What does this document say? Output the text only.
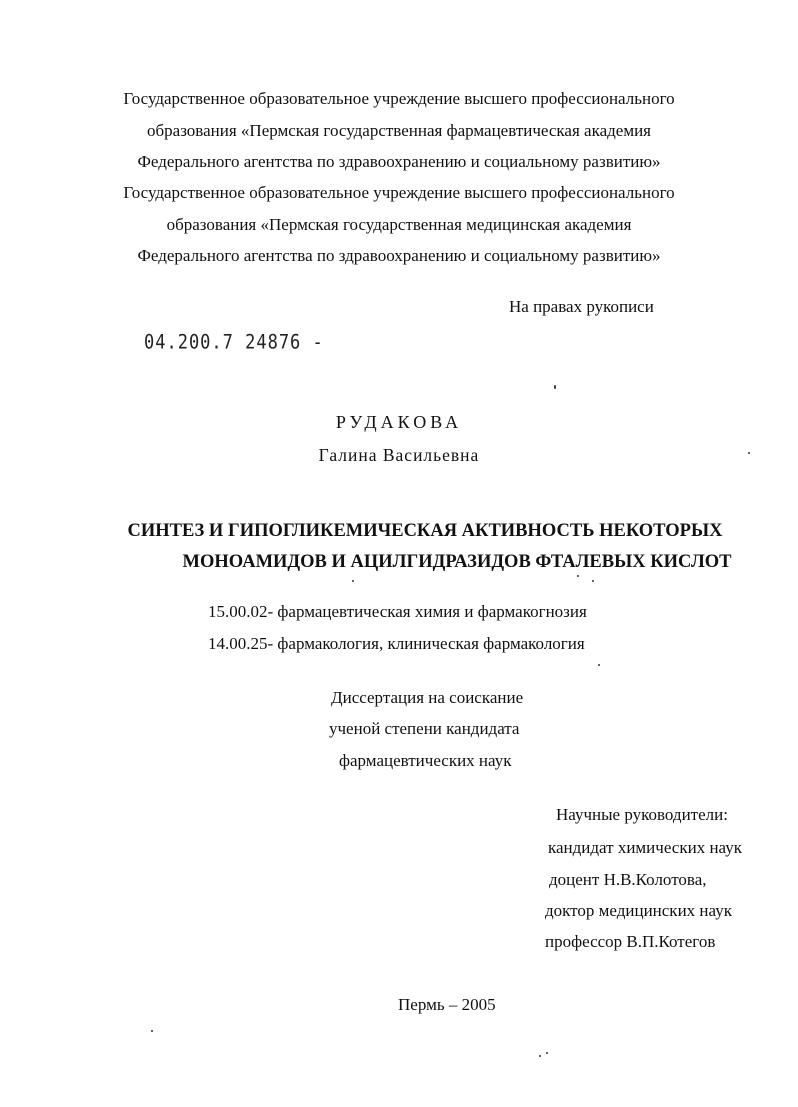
Государственное образовательное учреждение высшего профессионального
образования «Пермская государственная фармацевтическая академия
Федерального агентства по здравоохранению и социальному развитию»
Государственное образовательное учреждение высшего профессионального
образования «Пермская государственная медицинская академия
Федерального агентства по здравоохранению и социальному развитию»
На правах рукописи
04.200.7 24876 -
РУДАКОВА
Галина Васильевна
СИНТЕЗ И ГИПОГЛИКЕМИЧЕСКАЯ АКТИВНОСТЬ НЕКОТОРЫХ
МОНОАМИДОВ И АЦИЛГИДРАЗИДОВ ФТАЛЕВЫХ КИСЛОТ
15.00.02- фармацевтическая химия и фармакогнозия
14.00.25- фармакология, клиническая фармакология
Диссертация на соискание
ученой степени кандидата
фармацевтических наук
Научные руководители:
кандидат химических наук
доцент Н.В.Колотова,
доктор медицинских наук
профессор В.П.Котегов
Пермь – 2005
